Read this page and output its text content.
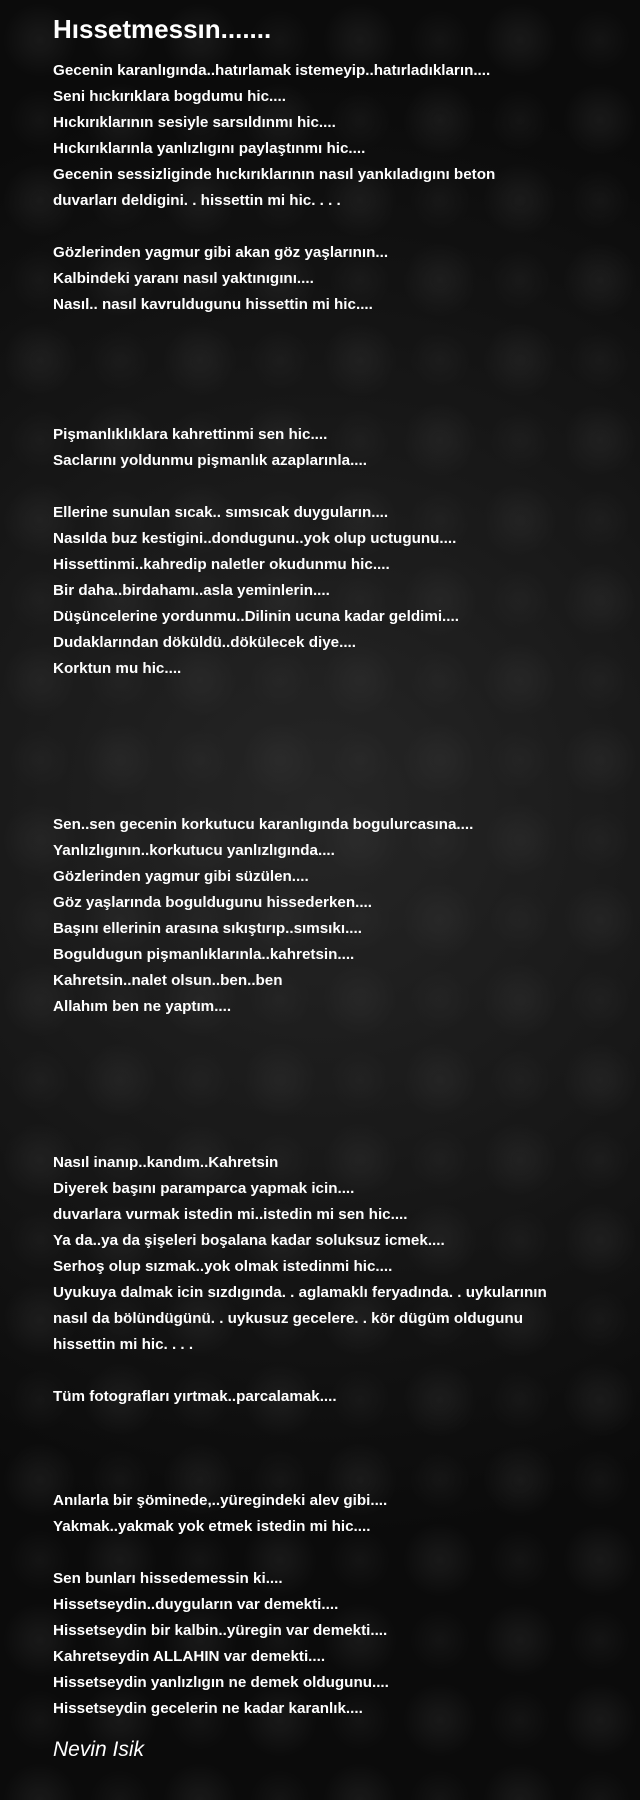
Hıssetmessın.......
Gecenin karanlıgında..hatırlamak istemeyip..hatırladıkların....
Seni hıckırıklara bogdumu hic....
Hıckırıklarının sesiyle sarsıldınmı hic....
Hıckırıklarınla yanlızlıgını paylaştınmı hic....
Gecenin sessizliginde hıckırıklarının nasıl yankıladıgını beton
duvarları deldigini. . hissettin mi hic. . . .
Gözlerinden yagmur gibi akan göz yaşlarının...
Kalbindeki yaranı nasıl yaktınıgını....
Nasıl.. nasıl kavruldugunu hissettin mi hic....
Pişmanlıklıklara kahrettinmi sen hic....
Saclarını yoldunmu pişmanlık azaplarınla....
Ellerine sunulan sıcak.. sımsıcak duyguların....
Nasılda buz kestigini..dondugunu..yok olup uctugunu....
Hissettinmi..kahredip naletler okudunmu hic....
Bir daha..birdahamı..asla yeminlerin....
Düşüncelerine yordunmu..Dilinin ucuna kadar geldimi....
Dudaklarından döküldü..dökülecek diye....
Korktun mu hic....
Sen..sen gecenin korkutucu karanlıgında bogulurcasına....
Yanlızlıgının..korkutucu yanlızlıgında....
Gözlerinden yagmur gibi süzülen....
Göz yaşlarında boguldugunu hissederken....
Başını ellerinin arasına sıkıştırıp..sımsıkı....
Boguldugun pişmanlıklarınla..kahretsin....
Kahretsin..nalet olsun..ben..ben
Allahım ben ne yaptım....
Nasıl inanıp..kandım..Kahretsin
Diyerek başını paramparca yapmak icin....
duvarlara vurmak istedin mi..istedin mi sen hic....
Ya da..ya da şişeleri boşalana kadar soluksuz icmek....
Serhoş olup sızmak..yok olmak istedinmi hic....
Uyukuya dalmak icin sızdıgında. . aglamaklı feryadında. . uykularının
nasıl da bölündügünü. . uykusuz gecelere. . kör dügüm oldugunu
hissettin mi hic. . . .
Tüm fotografları yırtmak..parcalamak....
Anılarla bir şöminede,..yüregindeki alev gibi....
Yakmak..yakmak yok etmek istedin mi hic....
Sen bunları hissedemessin ki....
Hissetseydin..duyguların var demekti....
Hissetseydin bir kalbin..yüregin var demekti....
Kahretseydin ALLAHIN var demekti....
Hissetseydin yanlızlıgın ne demek oldugunu....
Hissetseydin gecelerin ne kadar karanlık....
Nevin Isik
